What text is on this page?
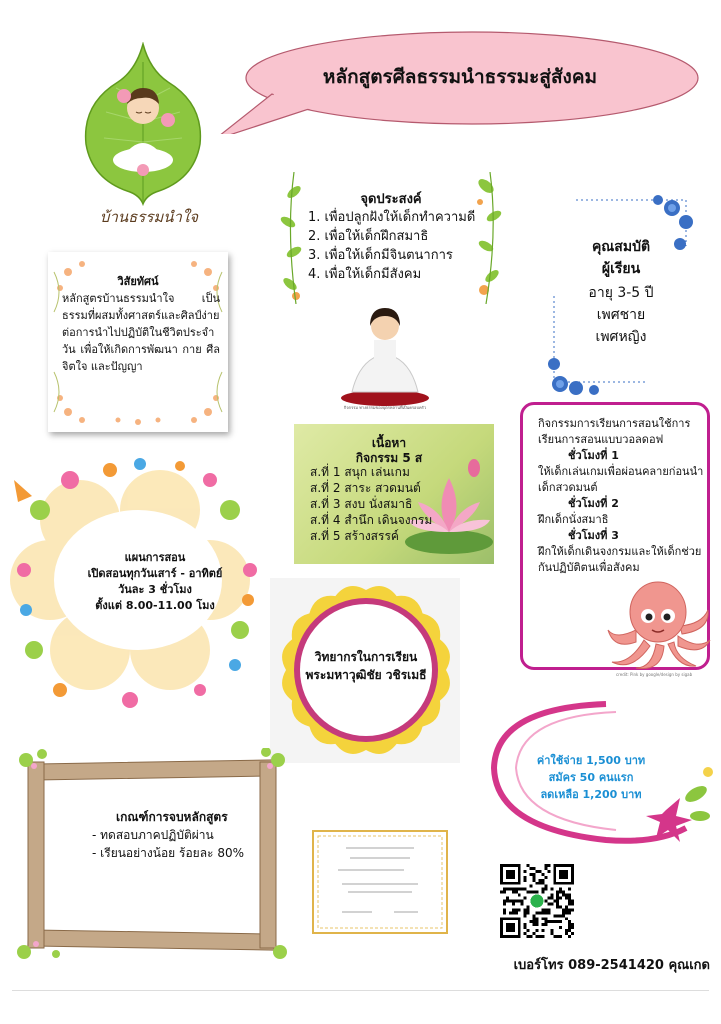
หลักสูตรศีลธรรมนำธรรมะสู่สังคม
บ้านธรรมนำใจ
วิสัยทัศน์
หลักสูตรบ้านธรรมนำใจ เป็นธรรมที่ผสมทั้งศาสตร์และศิลป์ง่ายต่อการนำไปปฏิบัติในชีวิตประจำวัน เพื่อให้เกิดการพัฒนา กาย ศีลจิตใจ และปัญญา
จุดประสงค์
1. เพื่อปลูกฝังให้เด็กทำความดี
2. เพื่อให้เด็กฝึกสมาธิ
3. เพื่อให้เด็กมีจินตนาการ
4. เพื่อให้เด็กมีสังคม
คุณสมบัติ
ผู้เรียน
อายุ 3-5 ปี
เพศชาย
เพศหญิง
กิจกรรม ทางธรรมของบุตรหลานที่เป็นครอบครัว
เนื้อหา
กิจกรรม 5 ส
ส.ที่ 1 สนุก เล่นเกม
ส.ที่ 2 สาระ สวดมนต์
ส.ที่ 3 สงบ นั่งสมาธิ
ส.ที่ 4 สำนึก เดินจงกรม
ส.ที่ 5 สร้างสรรค์
กิจกรรมการเรียนการสอนใช้การเรียนการสอนแบบวอลดอฟ
ชั่วโมงที่ 1
ให้เด็กเล่นเกมเพื่อผ่อนคลายก่อนนำเด็กสวดมนต์
ชั่วโมงที่ 2
ฝึกเด็กนั่งสมาธิ
ชั่วโมงที่ 3
ฝึกให้เด็กเดินจงกรมและให้เด็กช่วยกันปฏิบัติตนเพื่อสังคม
credit: Pink by google/design by sigab
แผนการสอน
เปิดสอนทุกวันเสาร์ - อาทิตย์
วันละ 3 ชั่วโมง
ตั้งแต่ 8.00-11.00 โมง
วิทยากรในการเรียน
พระมหาวุฒิชัย วชิรเมธี
ค่าใช้จ่าย 1,500 บาท
สมัคร 50 คนแรก
ลดเหลือ 1,200 บาท
เกณฑ์การจบหลักสูตร
- ทดสอบภาคปฏิบัติผ่าน
- เรียนอย่างน้อย ร้อยละ 80%
เบอร์โทร 089-2541420 คุณเกด
